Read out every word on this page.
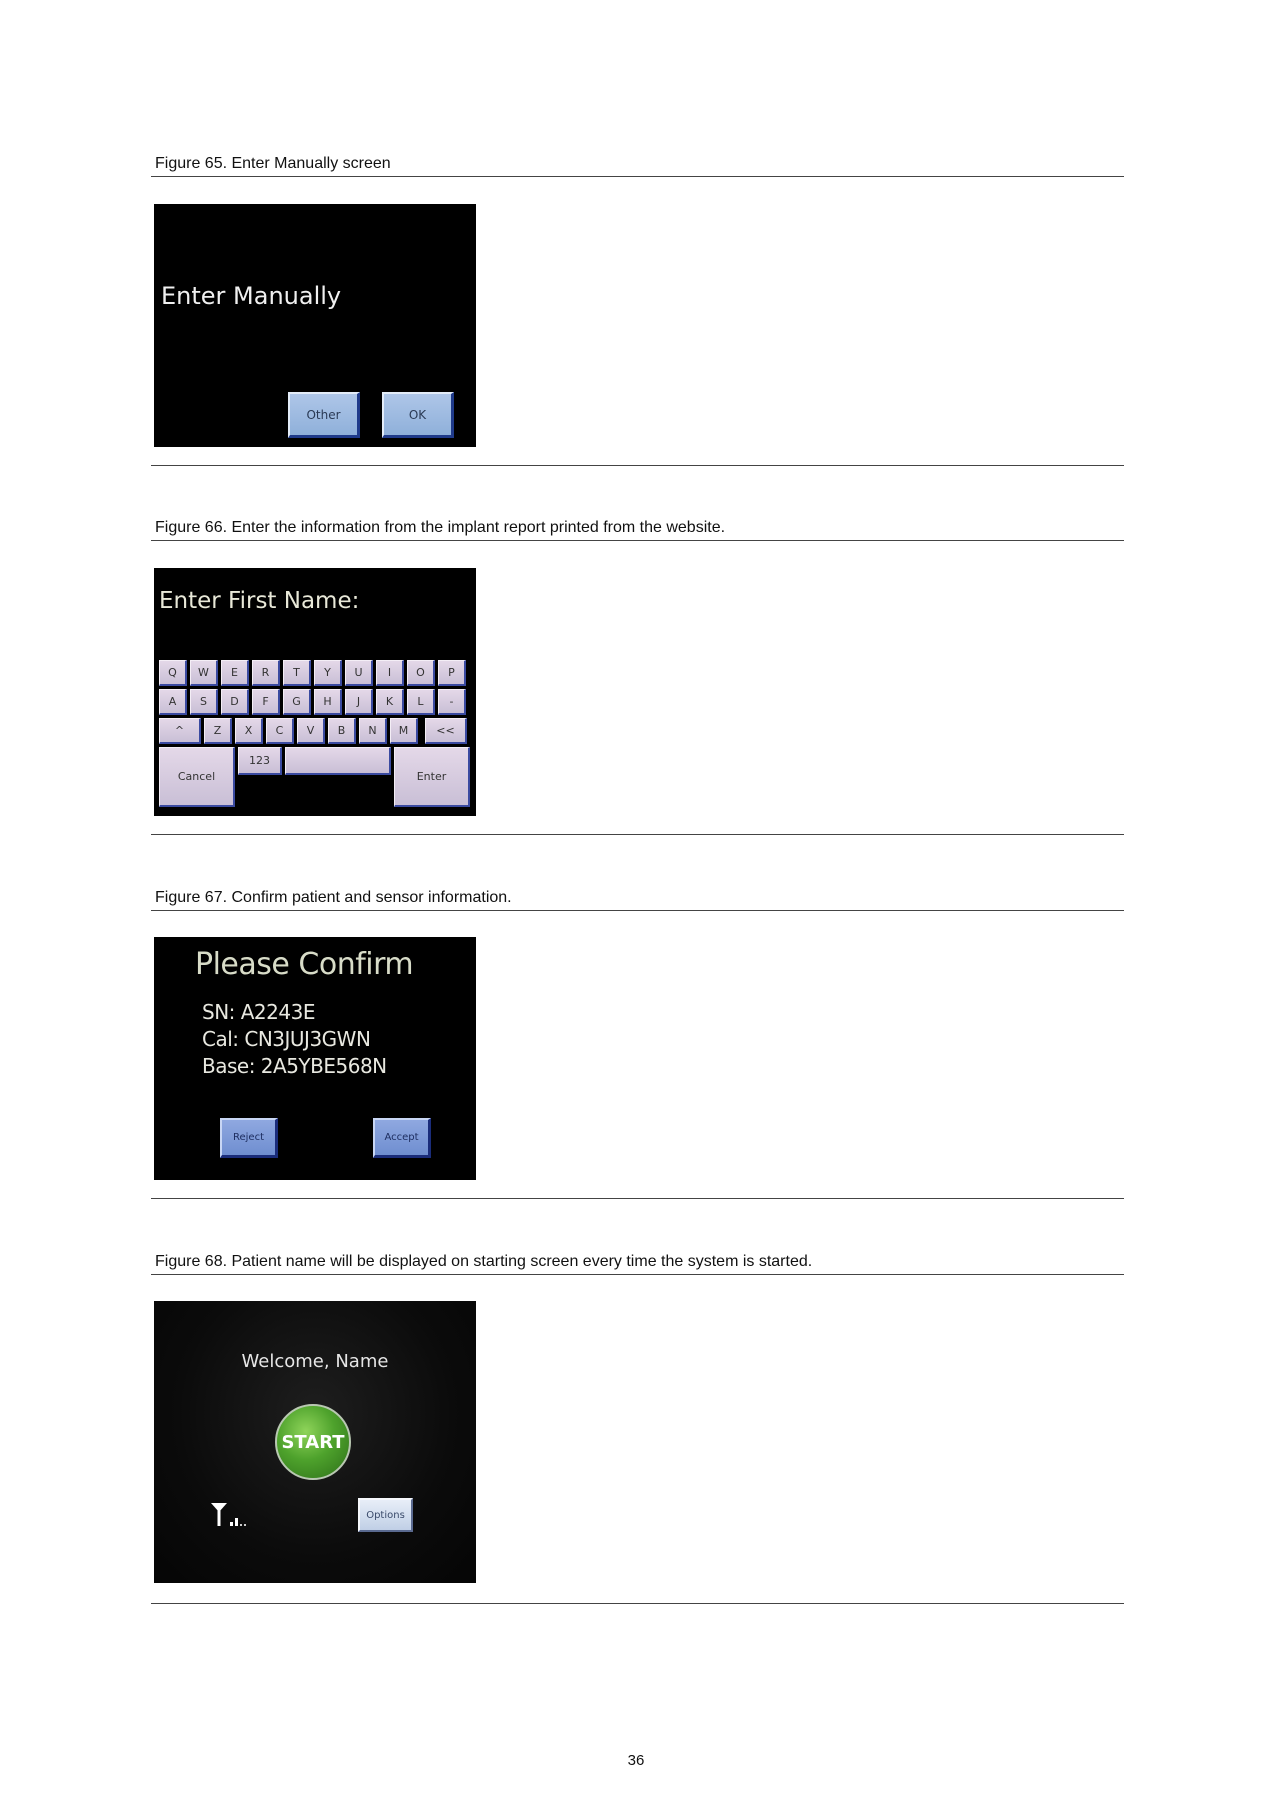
Figure 65. Enter Manually screen
Enter Manually
Other	OK
Figure 66. Enter the information from the implant report printed from the website.
Enter First Name:
Q	W	E	R	T	Y	U	I	O	P
A	S	D	F	G	H	J	K	L	-
^	Z	X	C	V	B	N	M	<<
Cancel
123
Enter
Figure 67. Confirm patient and sensor information.
Please Confirm
SN: A2243E
Cal: CN3JUJ3GWN
Base: 2A5YBE568N
Reject	Accept
Figure 68. Patient name will be displayed on starting screen every time the system is started.
Welcome, Name
START
Options
36
